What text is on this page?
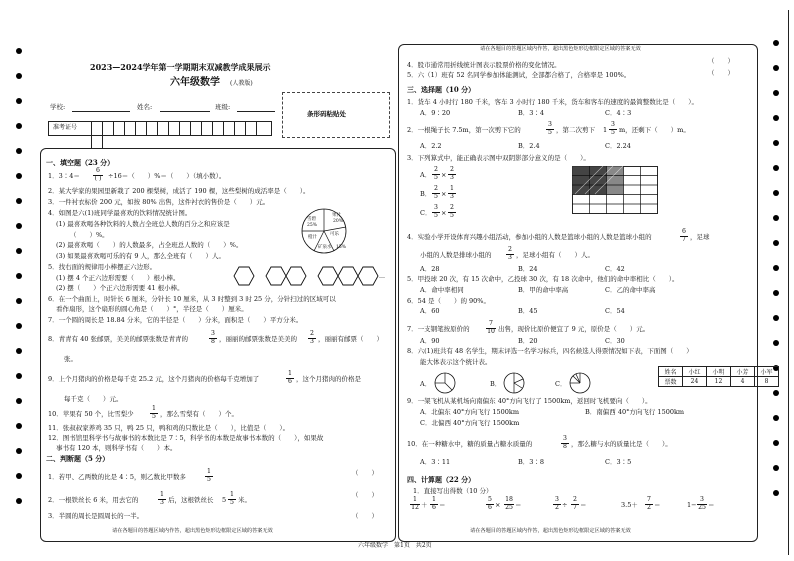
2023—2024学年第一学期期末双减教学成果展示
六年级数学 (人教版)
学校:	姓名:	班级:
准考证号
条形码粘贴处
请在各题目的答题区域内作答，超出黑色矩形边框限定区域的答案无效
一、填空题（23 分）
1．3∶4＝
6
( ) ÷16＝（　　）%＝（　　）（填小数）。
2．某大学家的果园里新栽了 200 棵梨树，成活了 190 棵，这些梨树的成活率是（　　）。
3．一件衬衣标价 200 元，如按 80% 出售，这件衬衣的售价是（　　）元。
4．如图是六(1)班同学最喜欢的饮料情况统计图。
(1) 最喜欢喝各种饮料的人数占全班总人数的百分之和应该是
（　　）%。
(2) 最喜欢喝（　　）的人数最多，占全班总人数的（　　）%。
(3) 如果最喜欢喝可乐的有 9 人，那么全班有（　　）人。
雪碧
25%
可乐
果汁
20%
橙汁
矿泉水 15%
5．找右面的规律用小棒摆正六边形。
(1) 摆 4 个正六边形需要（　　）根小棒。
(2) 摆（　　）个正六边形需要 41 根小棒。
…
6．在一个曲面上，时针长 6 厘米，分针长 10 厘米，从 3 时整到 3 时 25 分，分针扫过的区域可以
看作扇形，这个扇形的圆心角是（　　）°，半径是（　　）厘米。
7．一个圆的周长是 18.84 分米，它的半径是（　　）分米，面积是（　　）平方分米。
8．青青有 40 张邮票，美美的邮票张数是青青的	$\frac{3}{8}$ ，丽丽的邮票张数是美美的 $\frac{2}{3}$ ，丽丽有邮票（　　）
张。
9．上个月猪肉的价格是每千克 25.2 元，这个月猪肉的价格每千克增加了	$\frac{1}{6}$ ，这个月猪肉的价格是
每千克（　　）元。
10．苹果有 50 个，比雪梨少	$\frac{1}{5}$ ，那么雪梨有（　　）个。
11．张叔叔家养鸡 35 只，鸭 25 只，鸭和鸡的只数比是（　　），比值是（　　）。
12．图书馆里科学书与故事书的本数比是 7∶5，科学书的本数是故事书本数的（　　），如果故
事书有 120 本，则科学书有（　　）本。
二、判断题（5 分）
1．若甲、乙两数的比是 4∶5，则乙数比甲数多	$\frac{1}{5}$	（　　）
2．一根铁丝长 6 米，用去它的	$\frac{1}{3}$ 后，这根铁丝长 $5 \frac{1}{5}$ 米。
（　　）
3．半圆的周长是圆周长的一半。	（　　）
请在各题目的答题区域内作答，超出黑色矩形边框限定区域的答案无效
请在各题目的答题区域内作答，超出黑色矩形边框限定区域的答案无效
4．股市通常用折线统计图表示股票价格的变化情况。	（　　）
5．六（1）班有 52 名同学参加体能测试，全部都合格了，合格率是 100%。	（　　）
三、选择题（10 分）
1．货车 4 小时行 180 千米，客车 3 小时行 180 千米，货车和客车的速度的最简整数比是（　　）。
A．9∶20	B．3∶4	C．4∶3
2．一根绳子长 7.5m，第一次剪下它的	$\frac{3}{5}$ ，第二次剪下 $1 \frac{3}{5}$ m，还剩下（　　）m。
A．2.2	B．2.4	C．2.24
3．下列算式中，能正确表示图中双阴影部分意义的是（　　）。
A． $\frac{2}{5} \times \frac{2}{3}$
B． $\frac{2}{5} \times \frac{1}{3}$
C． $\frac{3}{5} \times \frac{2}{5}$
4．实验小学开设体育兴趣小组活动，参加小组的人数是篮球小组的人数是篮球小组的	$\frac{6}{7}$ ，足球
小组的人数是排球小组的 $\frac{2}{3}$ ，足球小组有（　　）人。
A．28	B．24	C．42
5．甲投球 20 次，有 15 次命中，乙投球 30 次，有 18 次命中，他们的命中率相比（　　）。
A．命中率相同	B．甲的命中率高	C．乙的命中率高
6．54 是（　　）的 90%。
A．60	B．45	C．54
7．一支钢笔按原价的	$\frac{7}{10}$ 出售，现价比原价便宜了 9 元，原价是（　　）元。
A．90	B．20	C．30
8．六(1)班共有 48 名学生，期末评选一名学习标兵，四名候选人得票情况如下表，下面图（　　）
能大体表示这个统计表。
姓名	小红	小明	小芳	小军
票数	24	12	4	8
A．	B．	C．
9．一架飞机从某机场向南偏东 40°方向飞行了 1500km，返回时飞机要向（　　）。
A．北偏东 40°方向飞行 1500km	B．南偏西 40°方向飞行 1500km
C．北偏西 40°方向飞行 1500km
10．在一种糖水中，糖的质量占糖水质量的	$\frac{3}{8}$ ，那么糖与水的质量比是（　　）。
A．3∶11	B．3∶8	C．3∶5
四、计算题（22 分）
1．直接写出得数（10 分）
$\frac{1}{12} + \frac{1}{6}$ ＝	$\frac{5}{6} \times \frac{18}{25}$ ＝	$\frac{3}{2} \div \frac{2}{7}$ ＝	$3.5+ \frac{7}{2}$ ＝	$1- \frac{3}{25}$ ＝
六年级数学　第1页　共2页
